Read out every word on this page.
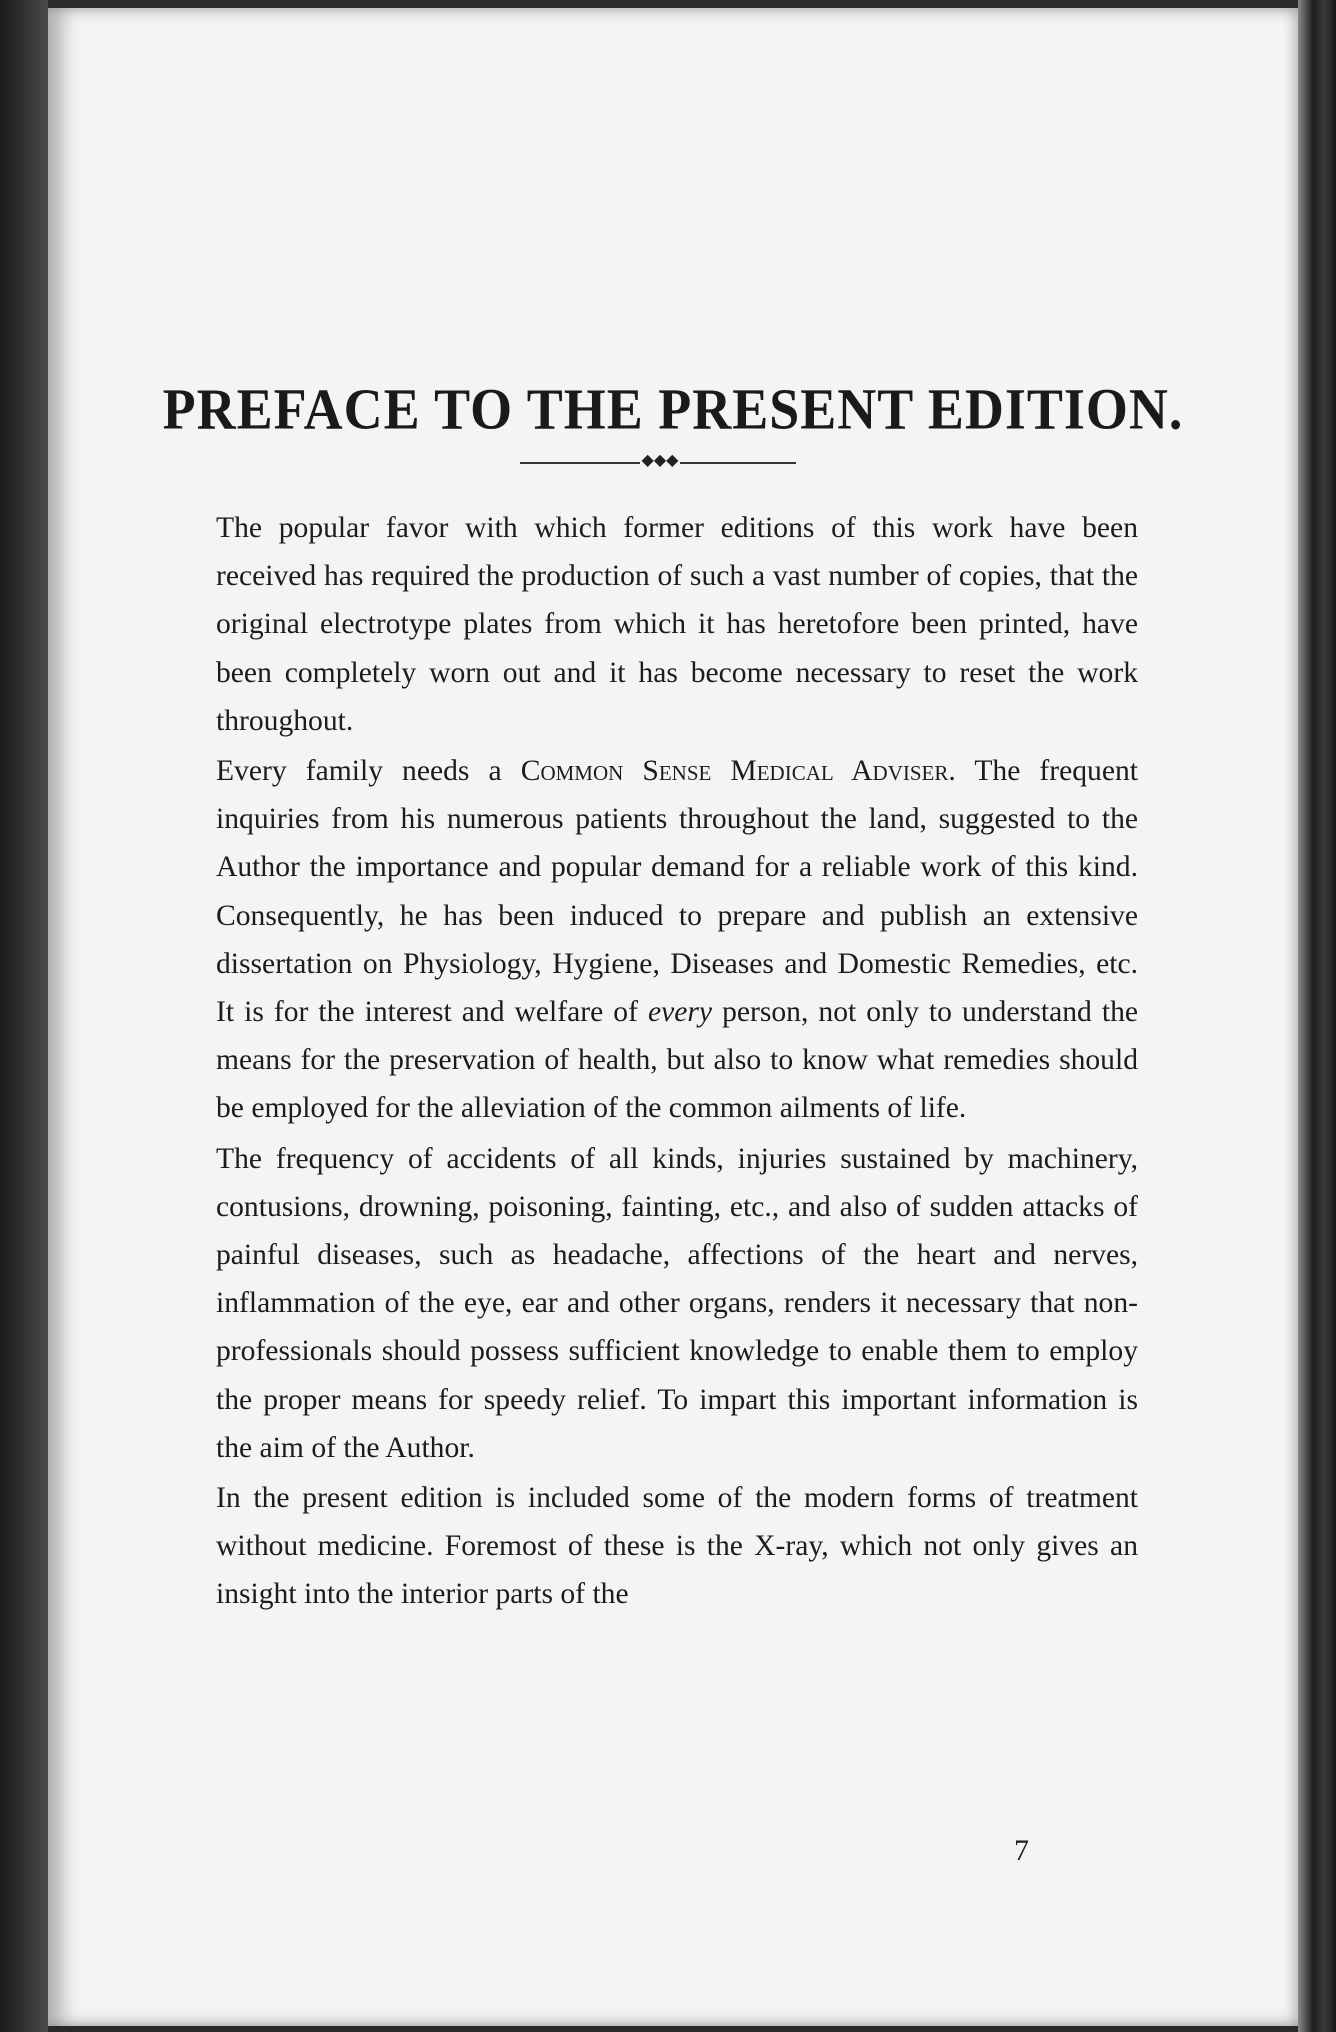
PREFACE TO THE PRESENT EDITION.
◆◆◆

The popular favor with which former editions of this work have been received has required the production of such a vast number of copies, that the original electrotype plates from which it has heretofore been printed, have been completely worn out and it has become necessary to reset the work throughout.

Every family needs a Common Sense Medical Adviser. The frequent inquiries from his numerous patients throughout the land, suggested to the Author the importance and popular demand for a reliable work of this kind. Consequently, he has been induced to prepare and publish an extensive dissertation on Physiology, Hygiene, Diseases and Domestic Remedies, etc. It is for the interest and welfare of every person, not only to understand the means for the preservation of health, but also to know what remedies should be employed for the alleviation of the common ailments of life.

The frequency of accidents of all kinds, injuries sustained by machinery, contusions, drowning, poisoning, fainting, etc., and also of sudden attacks of painful diseases, such as headache, affections of the heart and nerves, inflammation of the eye, ear and other organs, renders it necessary that non-professionals should possess sufficient knowledge to enable them to employ the proper means for speedy relief. To impart this important information is the aim of the Author.

In the present edition is included some of the modern forms of treatment without medicine. Foremost of these is the X-ray, which not only gives an insight into the interior parts of the

7
